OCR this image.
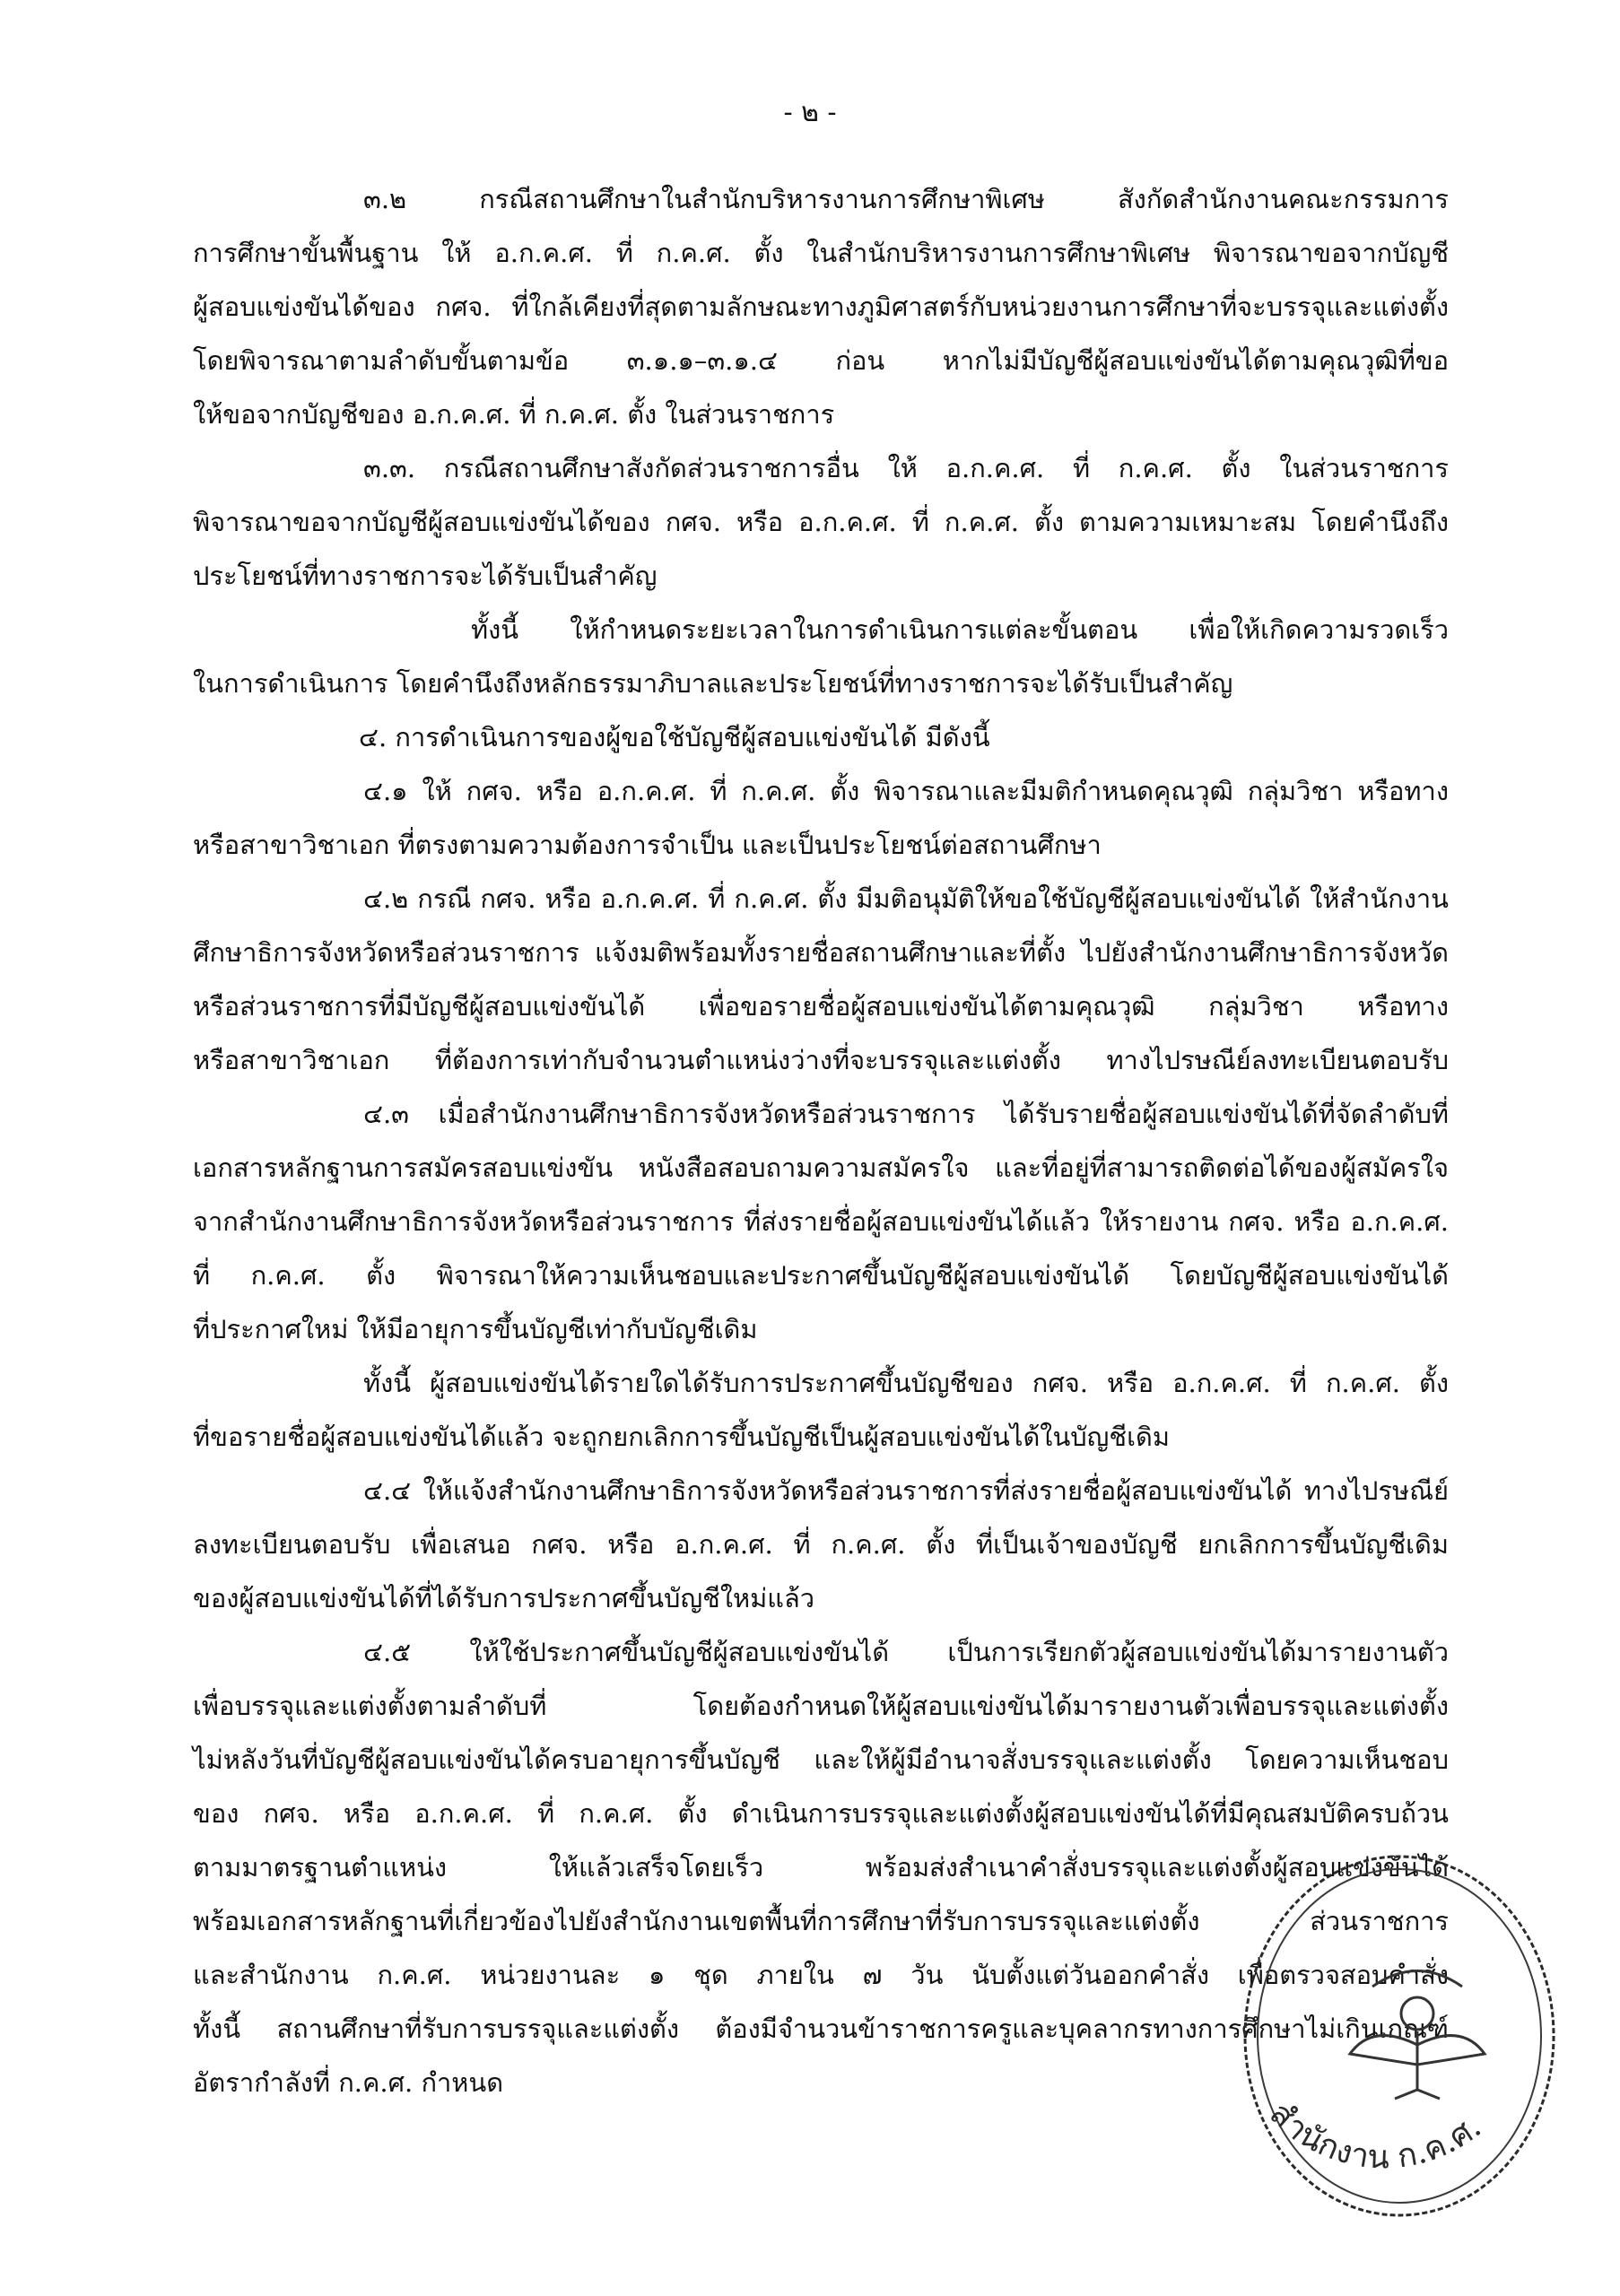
- ๒ -
๓.๒ กรณีสถานศึกษาในสำนักบริหารงานการศึกษาพิเศษ สังกัดสำนักงานคณะกรรมการ
การศึกษาขั้นพื้นฐาน ให้ อ.ก.ค.ศ. ที่ ก.ค.ศ. ตั้ง ในสำนักบริหารงานการศึกษาพิเศษ พิจารณาขอจากบัญชี
ผู้สอบแข่งขันได้ของ กศจ. ที่ใกล้เคียงที่สุดตามลักษณะทางภูมิศาสตร์กับหน่วยงานการศึกษาที่จะบรรจุและแต่งตั้ง
โดยพิจารณาตามลำดับขั้นตามข้อ ๓.๑.๑–๓.๑.๔ ก่อน หากไม่มีบัญชีผู้สอบแข่งขันได้ตามคุณวุฒิที่ขอ
ให้ขอจากบัญชีของ อ.ก.ค.ศ. ที่ ก.ค.ศ. ตั้ง ในส่วนราชการ
๓.๓. กรณีสถานศึกษาสังกัดส่วนราชการอื่น ให้ อ.ก.ค.ศ. ที่ ก.ค.ศ. ตั้ง ในส่วนราชการ
พิจารณาขอจากบัญชีผู้สอบแข่งขันได้ของ กศจ. หรือ อ.ก.ค.ศ. ที่ ก.ค.ศ. ตั้ง ตามความเหมาะสม โดยคำนึงถึง
ประโยชน์ที่ทางราชการจะได้รับเป็นสำคัญ
ทั้งนี้ ให้กำหนดระยะเวลาในการดำเนินการแต่ละขั้นตอน เพื่อให้เกิดความรวดเร็ว
ในการดำเนินการ โดยคำนึงถึงหลักธรรมาภิบาลและประโยชน์ที่ทางราชการจะได้รับเป็นสำคัญ
๔. การดำเนินการของผู้ขอใช้บัญชีผู้สอบแข่งขันได้ มีดังนี้
๔.๑ ให้ กศจ. หรือ อ.ก.ค.ศ. ที่ ก.ค.ศ. ตั้ง พิจารณาและมีมติกำหนดคุณวุฒิ กลุ่มวิชา หรือทาง
หรือสาขาวิชาเอก ที่ตรงตามความต้องการจำเป็น และเป็นประโยชน์ต่อสถานศึกษา
๔.๒ กรณี กศจ. หรือ อ.ก.ค.ศ. ที่ ก.ค.ศ. ตั้ง มีมติอนุมัติให้ขอใช้บัญชีผู้สอบแข่งขันได้ ให้สำนักงาน
ศึกษาธิการจังหวัดหรือส่วนราชการ แจ้งมติพร้อมทั้งรายชื่อสถานศึกษาและที่ตั้ง ไปยังสำนักงานศึกษาธิการจังหวัด
หรือส่วนราชการที่มีบัญชีผู้สอบแข่งขันได้ เพื่อขอรายชื่อผู้สอบแข่งขันได้ตามคุณวุฒิ กลุ่มวิชา หรือทาง
หรือสาขาวิชาเอก ที่ต้องการเท่ากับจำนวนตำแหน่งว่างที่จะบรรจุและแต่งตั้ง ทางไปรษณีย์ลงทะเบียนตอบรับ
๔.๓ เมื่อสำนักงานศึกษาธิการจังหวัดหรือส่วนราชการ ได้รับรายชื่อผู้สอบแข่งขันได้ที่จัดลำดับที่
เอกสารหลักฐานการสมัครสอบแข่งขัน หนังสือสอบถามความสมัครใจ และที่อยู่ที่สามารถติดต่อได้ของผู้สมัครใจ
จากสำนักงานศึกษาธิการจังหวัดหรือส่วนราชการ ที่ส่งรายชื่อผู้สอบแข่งขันได้แล้ว ให้รายงาน กศจ. หรือ อ.ก.ค.ศ.
ที่ ก.ค.ศ. ตั้ง พิจารณาให้ความเห็นชอบและประกาศขึ้นบัญชีผู้สอบแข่งขันได้ โดยบัญชีผู้สอบแข่งขันได้
ที่ประกาศใหม่ ให้มีอายุการขึ้นบัญชีเท่ากับบัญชีเดิม
ทั้งนี้ ผู้สอบแข่งขันได้รายใดได้รับการประกาศขึ้นบัญชีของ กศจ. หรือ อ.ก.ค.ศ. ที่ ก.ค.ศ. ตั้ง
ที่ขอรายชื่อผู้สอบแข่งขันได้แล้ว จะถูกยกเลิกการขึ้นบัญชีเป็นผู้สอบแข่งขันได้ในบัญชีเดิม
๔.๔ ให้แจ้งสำนักงานศึกษาธิการจังหวัดหรือส่วนราชการที่ส่งรายชื่อผู้สอบแข่งขันได้ ทางไปรษณีย์
ลงทะเบียนตอบรับ เพื่อเสนอ กศจ. หรือ อ.ก.ค.ศ. ที่ ก.ค.ศ. ตั้ง ที่เป็นเจ้าของบัญชี ยกเลิกการขึ้นบัญชีเดิม
ของผู้สอบแข่งขันได้ที่ได้รับการประกาศขึ้นบัญชีใหม่แล้ว
๔.๕ ให้ใช้ประกาศขึ้นบัญชีผู้สอบแข่งขันได้ เป็นการเรียกตัวผู้สอบแข่งขันได้มารายงานตัว
เพื่อบรรจุและแต่งตั้งตามลำดับที่ โดยต้องกำหนดให้ผู้สอบแข่งขันได้มารายงานตัวเพื่อบรรจุและแต่งตั้ง
ไม่หลังวันที่บัญชีผู้สอบแข่งขันได้ครบอายุการขึ้นบัญชี และให้ผู้มีอำนาจสั่งบรรจุและแต่งตั้ง โดยความเห็นชอบ
ของ กศจ. หรือ อ.ก.ค.ศ. ที่ ก.ค.ศ. ตั้ง ดำเนินการบรรจุและแต่งตั้งผู้สอบแข่งขันได้ที่มีคุณสมบัติครบถ้วน
ตามมาตรฐานตำแหน่ง ให้แล้วเสร็จโดยเร็ว พร้อมส่งสำเนาคำสั่งบรรจุและแต่งตั้งผู้สอบแข่งขันได้
พร้อมเอกสารหลักฐานที่เกี่ยวข้องไปยังสำนักงานเขตพื้นที่การศึกษาที่รับการบรรจุและแต่งตั้ง ส่วนราชการ
และสำนักงาน ก.ค.ศ. หน่วยงานละ ๑ ชุด ภายใน ๗ วัน นับตั้งแต่วันออกคำสั่ง เพื่อตรวจสอบคำสั่ง
ทั้งนี้ สถานศึกษาที่รับการบรรจุและแต่งตั้ง ต้องมีจำนวนข้าราชการครูและบุคลากรทางการศึกษาไม่เกินเกณฑ์
อัตรากำลังที่ ก.ค.ศ. กำหนด
สำนักงาน ก.ค.ศ.
